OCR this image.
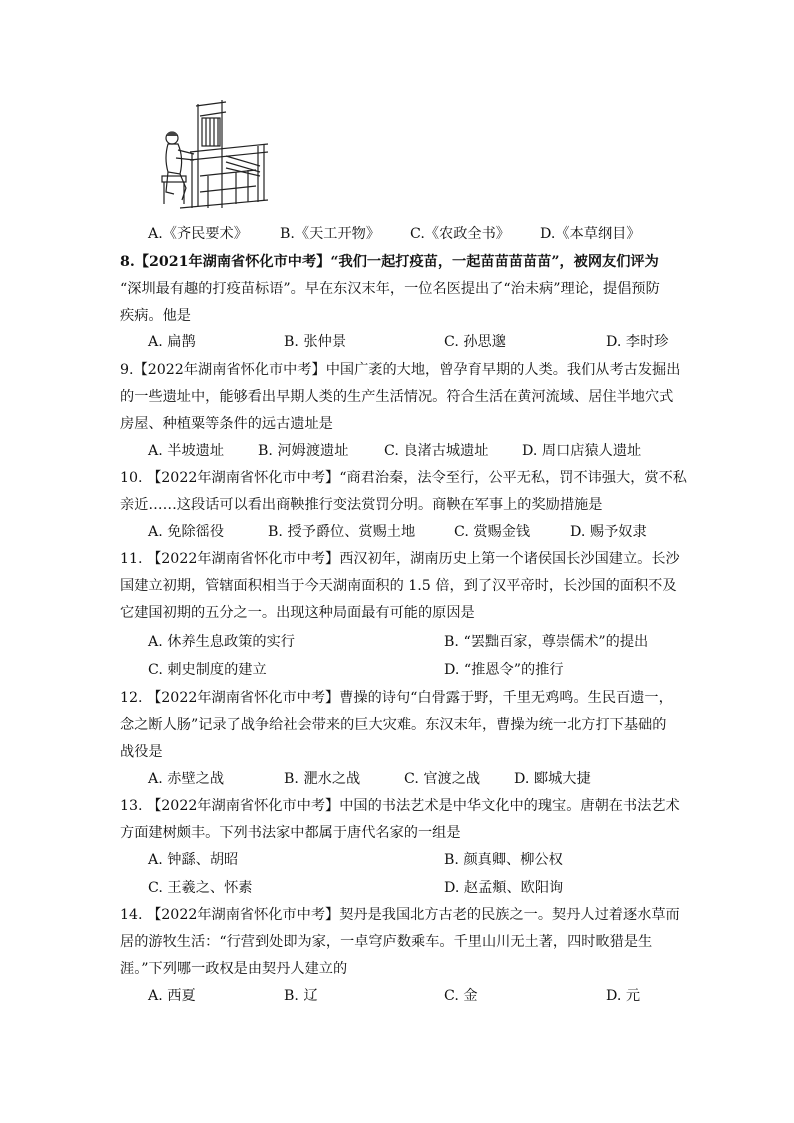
A.《齐民要术》 B.《天工开物》 C.《农政全书》 D.《本草纲目》
8.【2021年湖南省怀化市中考】“我们一起打疫苗，一起苗苗苗苗苗”，被网友们评为
“深圳最有趣的打疫苗标语”。早在东汉末年，一位名医提出了“治未病”理论，提倡预防
疾病。他是
A. 扁鹊	B. 张仲景	C. 孙思邈	D. 李时珍
9.【2022年湖南省怀化市中考】中国广袤的大地，曾孕育早期的人类。我们从考古发掘出
的一些遗址中，能够看出早期人类的生产生活情况。符合生活在黄河流域、居住半地穴式
房屋、种植粟等条件的远古遗址是
A. 半坡遗址 B. 河姆渡遗址	C. 良渚古城遗址 D. 周口店猿人遗址
10. 【2022年湖南省怀化市中考】“商君治秦，法令至行，公平无私，罚不讳强大，赏不私
亲近……这段话可以看出商鞅推行变法赏罚分明。商鞅在军事上的奖励措施是
A. 免除徭役	B. 授予爵位、赏赐土地	C. 赏赐金钱	D. 赐予奴隶
11. 【2022年湖南省怀化市中考】西汉初年，湖南历史上第一个诸侯国长沙国建立。长沙
国建立初期，管辖面积相当于今天湖南面积的 1.5 倍，到了汉平帝时，长沙国的面积不及
它建国初期的五分之一。出现这种局面最有可能的原因是
A. 休养生息政策的实行	B. “罢黜百家，尊崇儒术”的提出
C. 刺史制度的建立	D. “推恩令”的推行
12. 【2022年湖南省怀化市中考】曹操的诗句“白骨露于野，千里无鸡鸣。生民百遗一，
念之断人肠”记录了战争给社会带来的巨大灾难。东汉末年，曹操为统一北方打下基础的
战役是
A. 赤壁之战	B. 淝水之战	C. 官渡之战 D. 郾城大捷
13. 【2022年湖南省怀化市中考】中国的书法艺术是中华文化中的瑰宝。唐朝在书法艺术
方面建树颇丰。下列书法家中都属于唐代名家的一组是
A. 钟繇、胡昭	B. 颜真卿、柳公权
C. 王羲之、怀素	D. 赵孟頫、欧阳询
14. 【2022年湖南省怀化市中考】契丹是我国北方古老的民族之一。契丹人过着逐水草而
居的游牧生活：“行营到处即为家，一卓穹庐数乘车。千里山川无土著，四时畋猎是生
涯。”下列哪一政权是由契丹人建立的
A. 西夏	B. 辽	C. 金	D. 元
